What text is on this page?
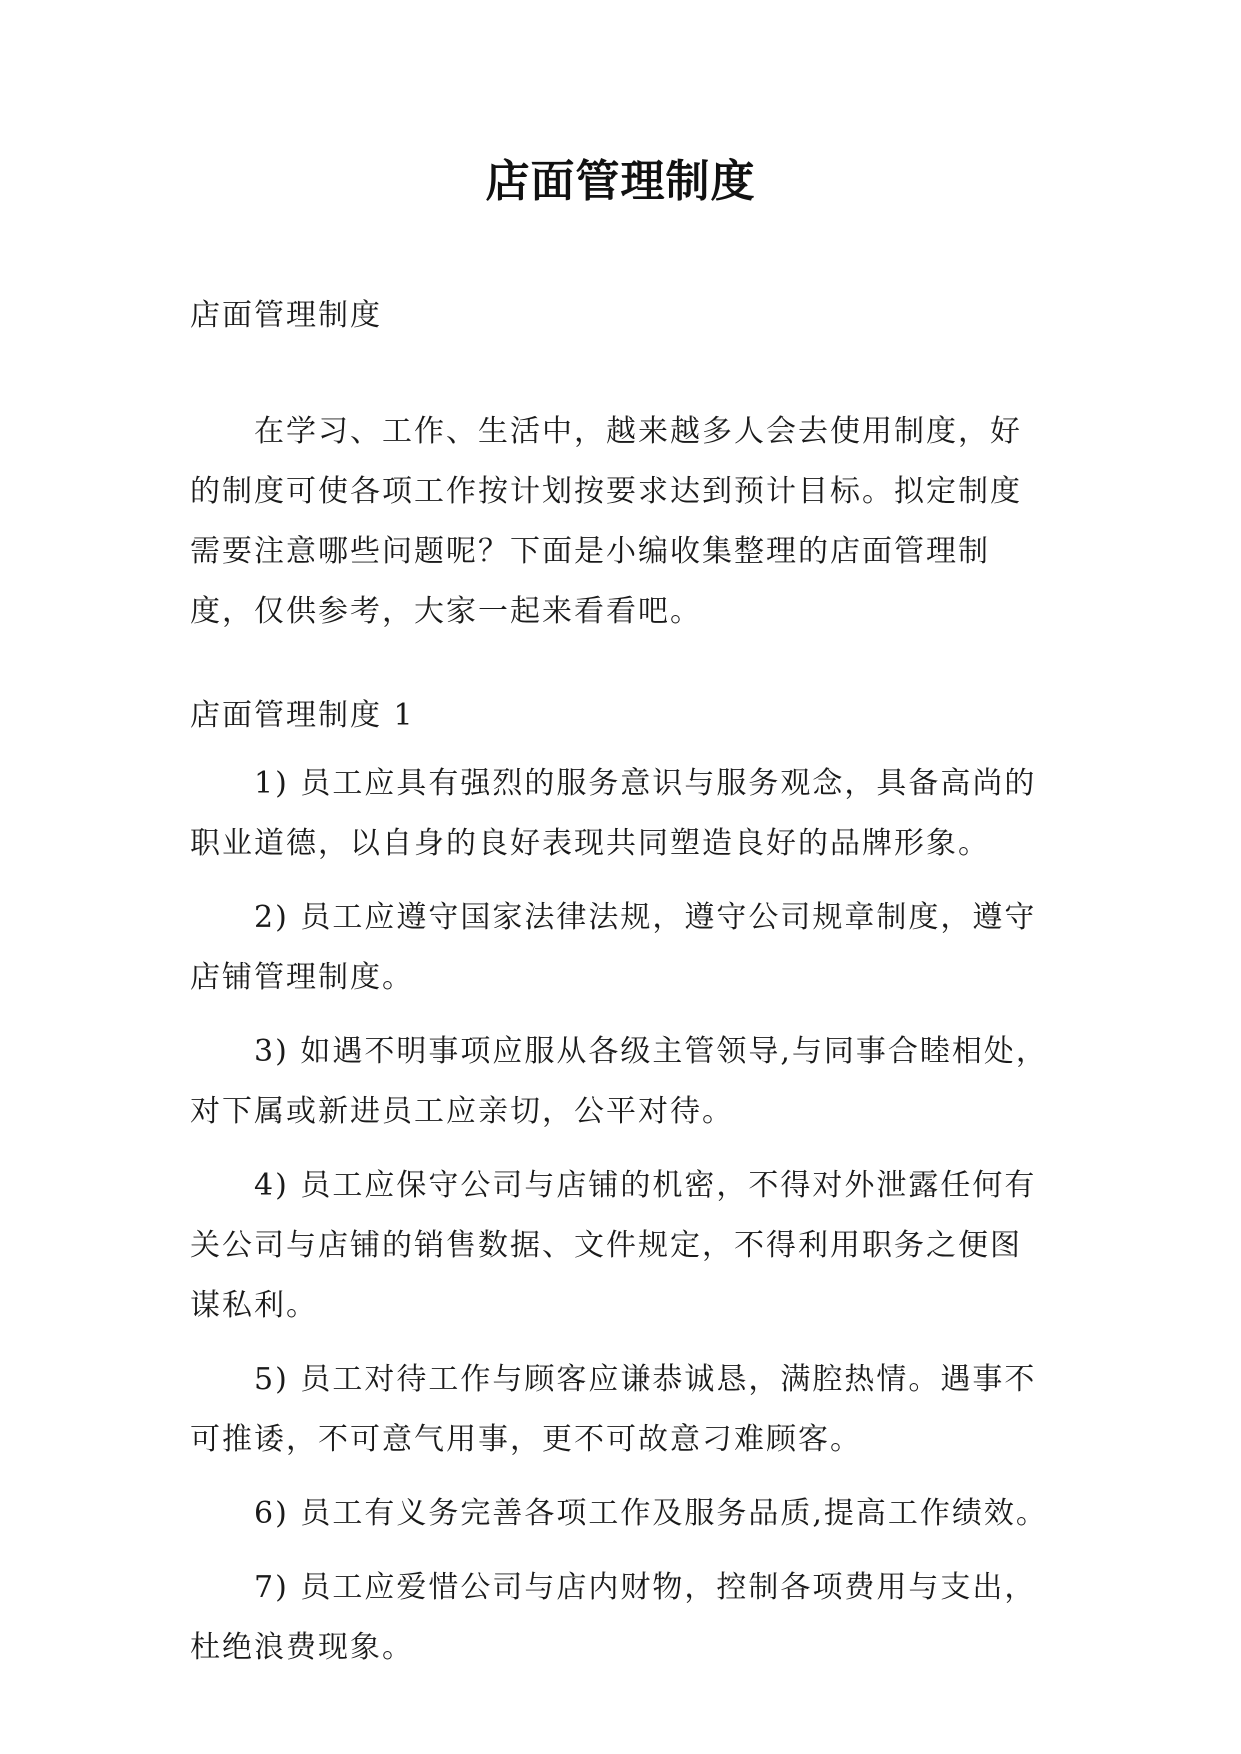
店面管理制度

店面管理制度

在学习、工作、生活中，越来越多人会去使用制度，好的制度可使各项工作按计划按要求达到预计目标。拟定制度需要注意哪些问题呢？下面是小编收集整理的店面管理制度，仅供参考，大家一起来看看吧。

店面管理制度 1

1) 员工应具有强烈的服务意识与服务观念，具备高尚的职业道德，以自身的良好表现共同塑造良好的品牌形象。
2) 员工应遵守国家法律法规，遵守公司规章制度，遵守店铺管理制度。
3) 如遇不明事项应服从各级主管领导,与同事合睦相处，对下属或新进员工应亲切，公平对待。
4) 员工应保守公司与店铺的机密，不得对外泄露任何有关公司与店铺的销售数据、文件规定，不得利用职务之便图谋私利。
5) 员工对待工作与顾客应谦恭诚恳，满腔热情。遇事不可推诿，不可意气用事，更不可故意刁难顾客。
6) 员工有义务完善各项工作及服务品质,提高工作绩效。
7) 员工应爱惜公司与店内财物，控制各项费用与支出，杜绝浪费现象。
